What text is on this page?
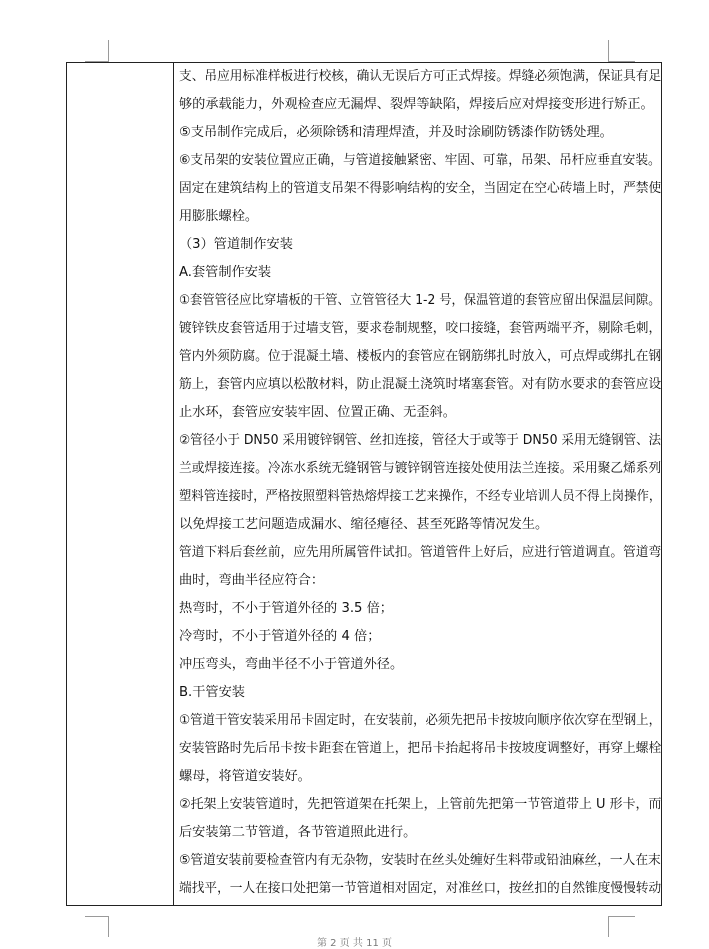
支、吊应用标准样板进行校核，确认无误后方可正式焊接。焊缝必须饱满，保证具有足
够的承载能力，外观检查应无漏焊、裂焊等缺陷，焊接后应对焊接变形进行矫正。
⑤支吊制作完成后，必须除锈和清理焊渣，并及时涂刷防锈漆作防锈处理。
⑥支吊架的安装位置应正确，与管道接触紧密、牢固、可靠，吊架、吊杆应垂直安装。
固定在建筑结构上的管道支吊架不得影响结构的安全，当固定在空心砖墙上时，严禁使
用膨胀螺栓。
（3）管道制作安装
A.套管制作安装
①套管管径应比穿墙板的干管、立管管径大 1-2 号，保温管道的套管应留出保温层间隙。
镀锌铁皮套管适用于过墙支管，要求卷制规整，咬口接缝，套管两端平齐，剔除毛刺，
管内外须防腐。位于混凝土墙、楼板内的套管应在钢筋绑扎时放入，可点焊或绑扎在钢
筋上，套管内应填以松散材料，防止混凝土浇筑时堵塞套管。对有防水要求的套管应设
止水环，套管应安装牢固、位置正确、无歪斜。
②管径小于 DN50 采用镀锌钢管、丝扣连接，管径大于或等于 DN50 采用无缝钢管、法
兰或焊接连接。冷冻水系统无缝钢管与镀锌钢管连接处使用法兰连接。采用聚乙烯系列
塑料管连接时，严格按照塑料管热熔焊接工艺来操作，不经专业培训人员不得上岗操作，
以免焊接工艺问题造成漏水、缩径瘪径、甚至死路等情况发生。
管道下料后套丝前，应先用所属管件试扣。管道管件上好后，应进行管道调直。管道弯
曲时，弯曲半径应符合：
热弯时，不小于管道外径的 3.5 倍；
冷弯时，不小于管道外径的 4 倍；
冲压弯头，弯曲半径不小于管道外径。
B.干管安装
①管道干管安装采用吊卡固定时，在安装前，必须先把吊卡按坡向顺序依次穿在型钢上，
安装管路时先后吊卡按卡距套在管道上，把吊卡抬起将吊卡按坡度调整好，再穿上螺栓
螺母，将管道安装好。
②托架上安装管道时，先把管道架在托架上，上管前先把第一节管道带上 U 形卡，而
后安装第二节管道，各节管道照此进行。
⑤管道安装前要检查管内有无杂物，安装时在丝头处缠好生料带或铅油麻丝，一人在末
端找平，一人在接口处把第一节管道相对固定，对准丝口，按丝扣的自然锥度慢慢转动
第 2 页 共 11 页
